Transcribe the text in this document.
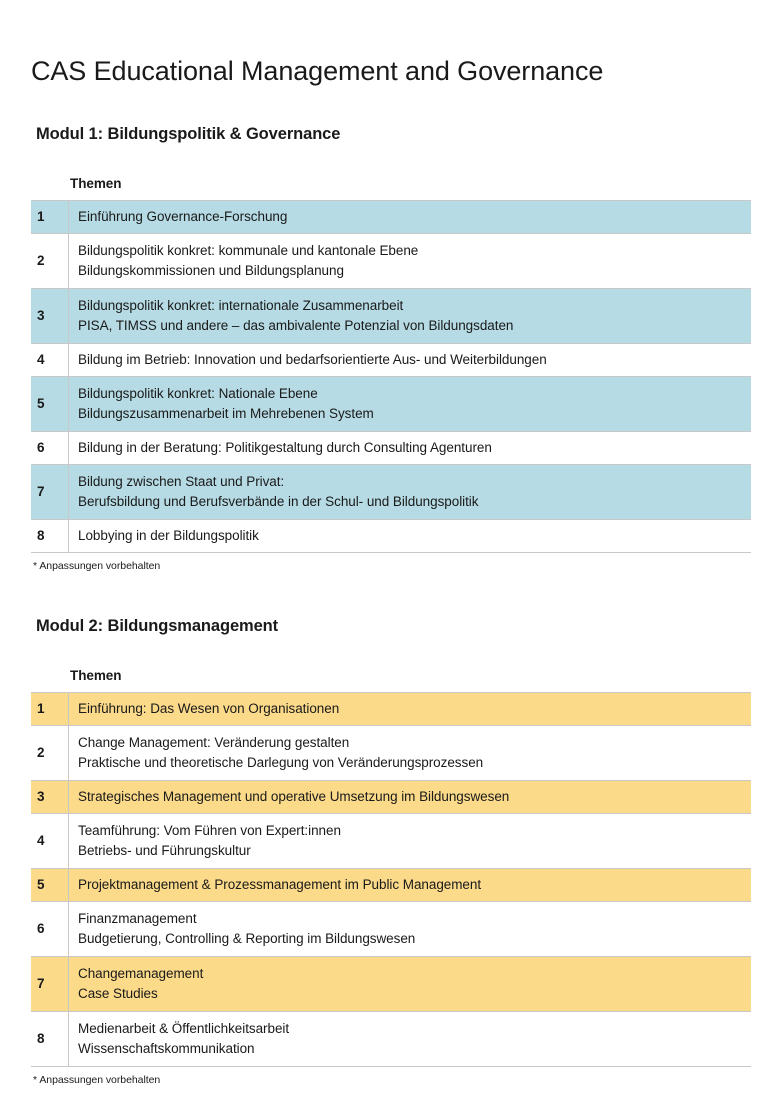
CAS Educational Management and Governance
Modul 1: Bildungspolitik & Governance
Themen
1	Einführung Governance-Forschung
2	Bildungspolitik konkret: kommunale und kantonale Ebene
Bildungskommissionen und Bildungsplanung

3	Bildungspolitik konkret: internationale Zusammenarbeit
PISA, TIMSS und andere – das ambivalente Potenzial von Bildungsdaten

4	Bildung im Betrieb: Innovation und bedarfsorientierte Aus- und Weiterbildungen
5	Bildungspolitik konkret: Nationale Ebene
Bildungszusammenarbeit im Mehrebenen System

6	Bildung in der Beratung: Politikgestaltung durch Consulting Agenturen
7	Bildung zwischen Staat und Privat:
Berufsbildung und Berufsverbände in der Schul- und Bildungspolitik

8	Lobbying in der Bildungspolitik
* Anpassungen vorbehalten
Modul 2: Bildungsmanagement
Themen
1	Einführung: Das Wesen von Organisationen
2	Change Management: Veränderung gestalten
Praktische und theoretische Darlegung von Veränderungsprozessen

3	Strategisches Management und operative Umsetzung im Bildungswesen
4	Teamführung: Vom Führen von Expert:innen
Betriebs- und Führungskultur

5	Projektmanagement & Prozessmanagement im Public Management
6	Finanzmanagement
Budgetierung, Controlling & Reporting im Bildungswesen

7	Changemanagement
Case Studies

8	Medienarbeit & Öffentlichkeitsarbeit
Wissenschaftskommunikation
* Anpassungen vorbehalten
